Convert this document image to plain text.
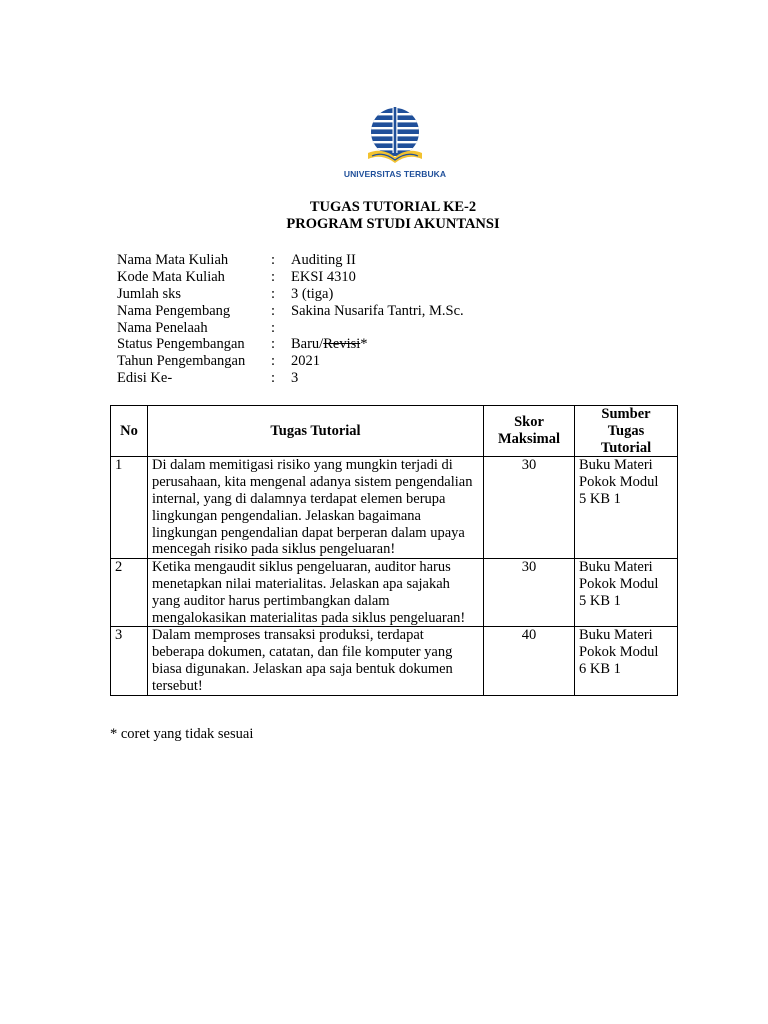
UNIVERSITAS TERBUKA
TUGAS TUTORIAL KE-2
PROGRAM STUDI AKUNTANSI
Nama Mata Kuliah	: Auditing II
Kode Mata Kuliah	: EKSI 4310
Jumlah sks	: 3 (tiga)
Nama Pengembang	: Sakina Nusarifa Tantri, M.Sc.
Nama Penelaah	:
Status Pengembangan : Baru/Revisi*
Tahun Pengembangan : 2021
Edisi Ke-	: 3
No	Tugas Tutorial	Skor Maksimal	Sumber Tugas Tutorial
1	Di dalam memitigasi risiko yang mungkin terjadi di perusahaan, kita mengenal adanya sistem pengendalian internal, yang di dalamnya terdapat elemen berupa lingkungan pengendalian. Jelaskan bagaimana lingkungan pengendalian dapat berperan dalam upaya mencegah risiko pada siklus pengeluaran!	30	Buku Materi Pokok Modul 5 KB 1
2	Ketika mengaudit siklus pengeluaran, auditor harus menetapkan nilai materialitas. Jelaskan apa sajakah yang auditor harus pertimbangkan dalam mengalokasikan materialitas pada siklus pengeluaran!	30	Buku Materi Pokok Modul 5 KB 1
3	Dalam memproses transaksi produksi, terdapat beberapa dokumen, catatan, dan file komputer yang biasa digunakan. Jelaskan apa saja bentuk dokumen tersebut!	40	Buku Materi Pokok Modul 6 KB 1
* coret yang tidak sesuai
